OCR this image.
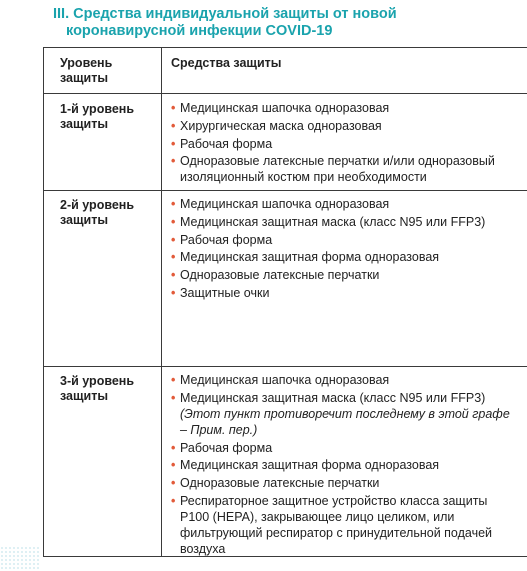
III. Средства индивидуальной защиты от новой
коронавирусной инфекции COVID-19
Уровень защиты
Средства защиты
1-й уровень защиты
• Медицинская шапочка одноразовая
• Хирургическая маска одноразовая
• Рабочая форма
• Одноразовые латексные перчатки и/или одноразовый изоляционный костюм при необходимости
2-й уровень защиты
• Медицинская шапочка одноразовая
• Медицинская защитная маска (класс N95 или FFP3)
• Рабочая форма
• Медицинская защитная форма одноразовая
• Одноразовые латексные перчатки
• Защитные очки
3-й уровень защиты
• Медицинская шапочка одноразовая
• Медицинская защитная маска (класс N95 или FFP3) (Этот пункт противоречит последнему в этой графе – Прим. пер.)
• Рабочая форма
• Медицинская защитная форма одноразовая
• Одноразовые латексные перчатки
• Респираторное защитное устройство класса защиты P100 (HEPA), закрывающее лицо целиком, или фильтрующий респиратор с принудительной подачей воздуха
